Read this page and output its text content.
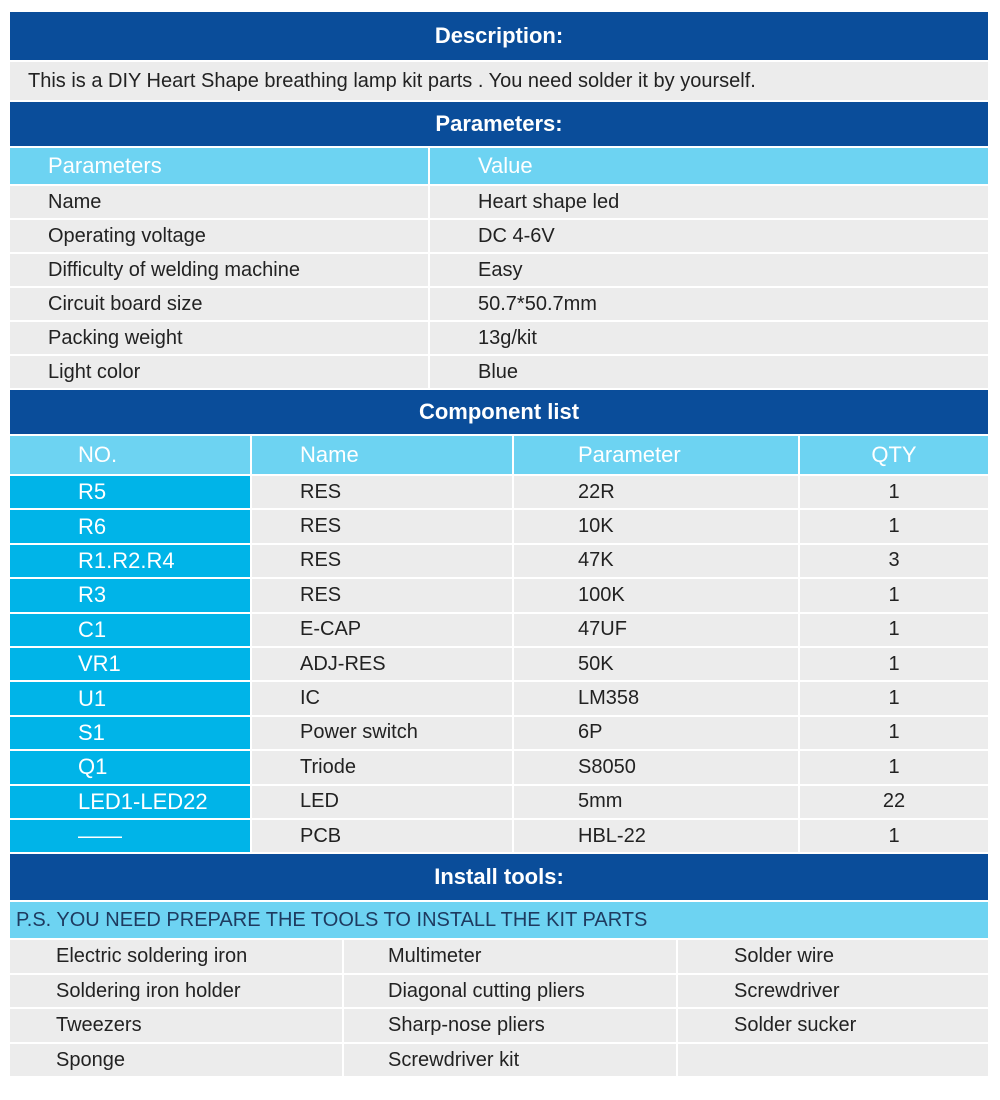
Description:
This is a DIY Heart Shape breathing lamp kit parts . You need solder it by yourself.
Parameters:
Parameters	Value
Name	Heart shape led
Operating voltage	DC 4-6V
Difficulty of welding machine	Easy
Circuit board size	50.7*50.7mm
Packing weight	13g/kit
Light color	Blue
Component list
NO.	Name	Parameter	QTY
R5	RES	22R	1
R6	RES	10K	1
R1.R2.R4	RES	47K	3
R3	RES	100K	1
C1	E-CAP	47UF	1
VR1	ADJ-RES	50K	1
U1	IC	LM358	1
S1	Power switch	6P	1
Q1	Triode	S8050	1
LED1-LED22	LED	5mm	22
——	PCB	HBL-22	1
Install tools:
P.S. YOU NEED PREPARE THE TOOLS TO INSTALL THE KIT PARTS
Electric soldering iron	Multimeter	Solder wire
Soldering iron holder	Diagonal cutting pliers	Screwdriver
Tweezers	Sharp-nose pliers	Solder sucker
Sponge	Screwdriver kit
